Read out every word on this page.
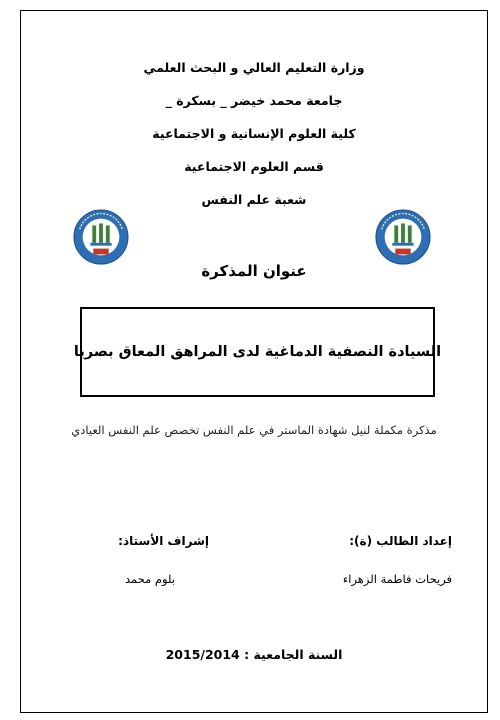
وزارة التعليم العالي و البحث العلمي
جامعة محمد خيضر _ بسكرة _
كلية العلوم الإنسانية و الاجتماعية
قسم العلوم الاجتماعية
شعبة علم النفس
عنوان المذكرة
السيادة النصفية الدماغية لدى المراهق المعاق بصريا
مذكرة مكملة لنيل شهادة الماستر في علم النفس تخصص علم النفس العيادي
إعداد الطالب (ة):
إشراف الأستاذ:
فريحات فاطمة الزهراء
بلوم محمد
السنة الجامعية : 2015/2014
